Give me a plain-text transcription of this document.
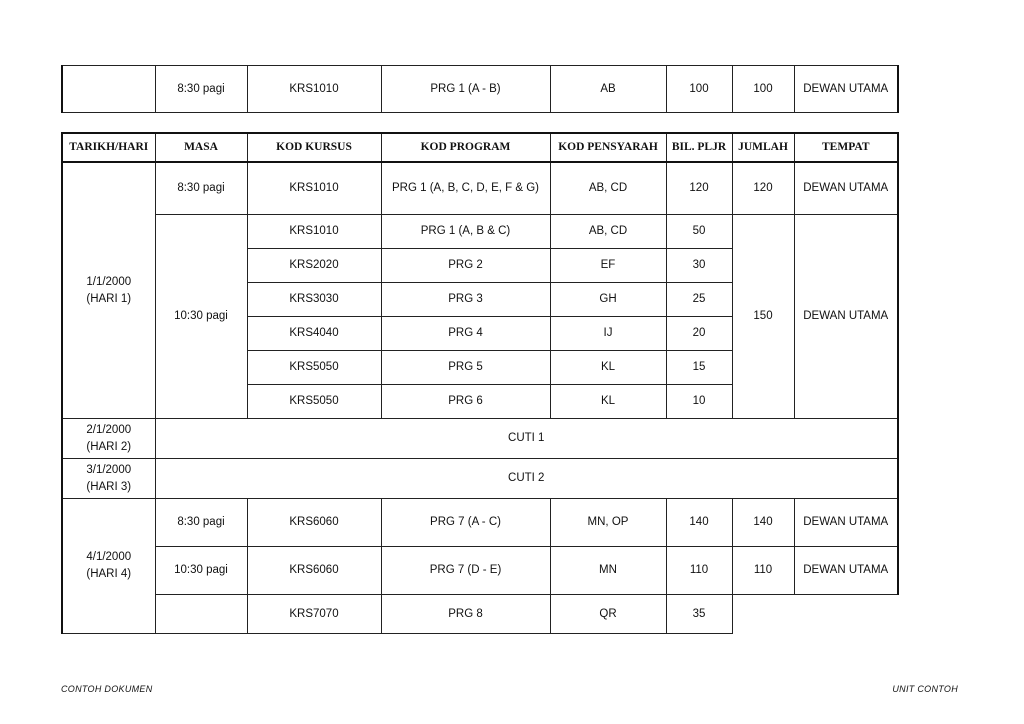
	8:30 pagi	KRS1010	PRG 1 (A - B)	AB	100	100	DEWAN UTAMA
TARIKH/HARI	MASA	KOD KURSUS	KOD PROGRAM	KOD PENSYARAH	BIL. PLJR	JUMLAH	TEMPAT
1/1/2000
(HARI 1)	8:30 pagi	KRS1010	PRG 1 (A, B, C, D, E, F & G)	AB, CD	120	120	DEWAN UTAMA
	10:30 pagi	KRS1010	PRG 1 (A, B & C)	AB, CD	50	150	DEWAN UTAMA
		KRS2020	PRG 2	EF	30		
		KRS3030	PRG 3	GH	25		
		KRS4040	PRG 4	IJ	20		
		KRS5050	PRG 5	KL	15		
		KRS5050	PRG 6	KL	10		
2/1/2000
(HARI 2)	CUTI 1						
3/1/2000
(HARI 3)	CUTI 2						
4/1/2000
(HARI 4)	8:30 pagi	KRS6060	PRG 7 (A - C)	MN, OP	140	140	DEWAN UTAMA
	10:30 pagi	KRS6060	PRG 7 (D - E)	MN	110	110	DEWAN UTAMA
		KRS7070	PRG 8	QR	35		
CONTOH DOKUMEN	UNIT CONTOH
